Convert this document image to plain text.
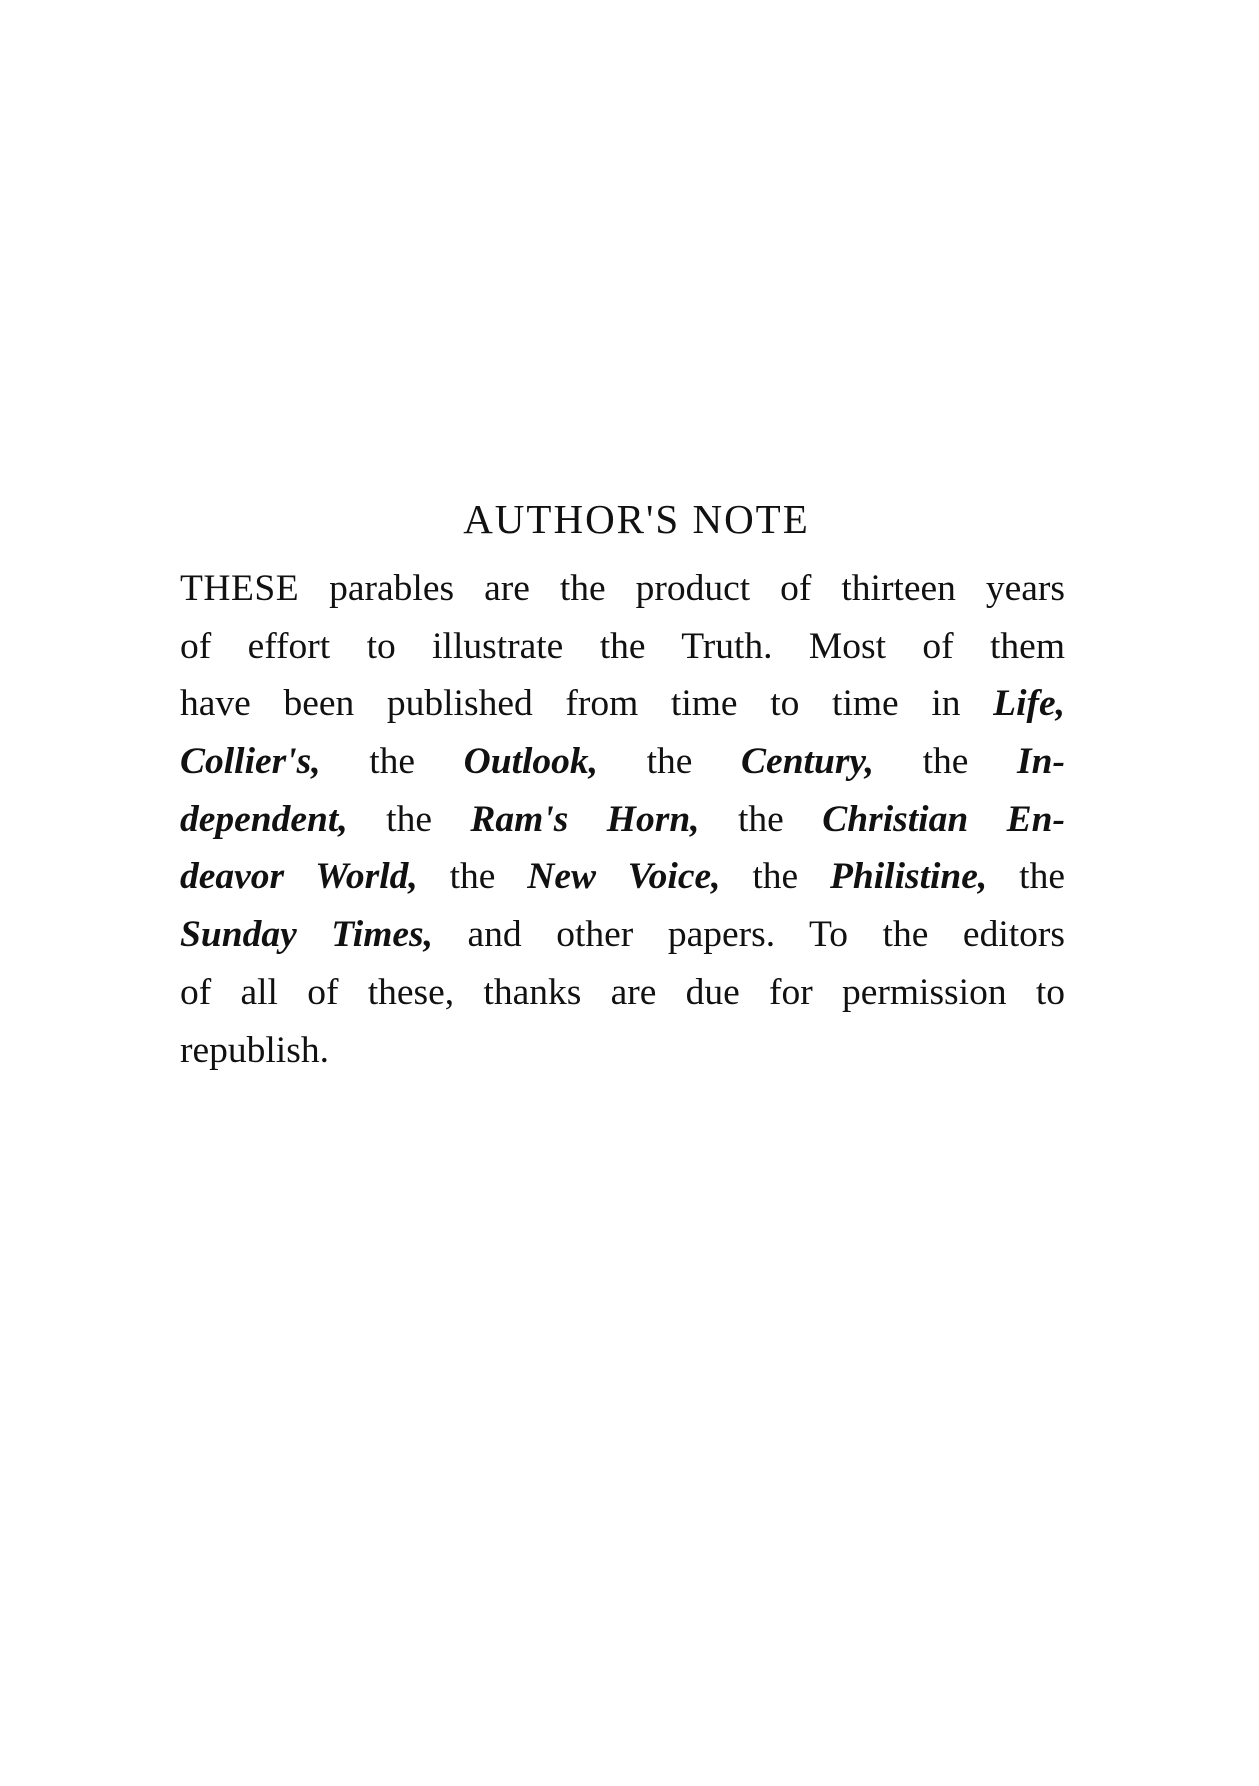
AUTHOR'S NOTE
THESE parables are the product of thirteen years
of effort to illustrate the Truth. Most of them
have been published from time to time in Life,
Collier's, the Outlook, the Century, the In-
dependent, the Ram's Horn, the Christian En-
deavor World, the New Voice, the Philistine, the
Sunday Times, and other papers. To the editors
of all of these, thanks are due for permission to
republish.
